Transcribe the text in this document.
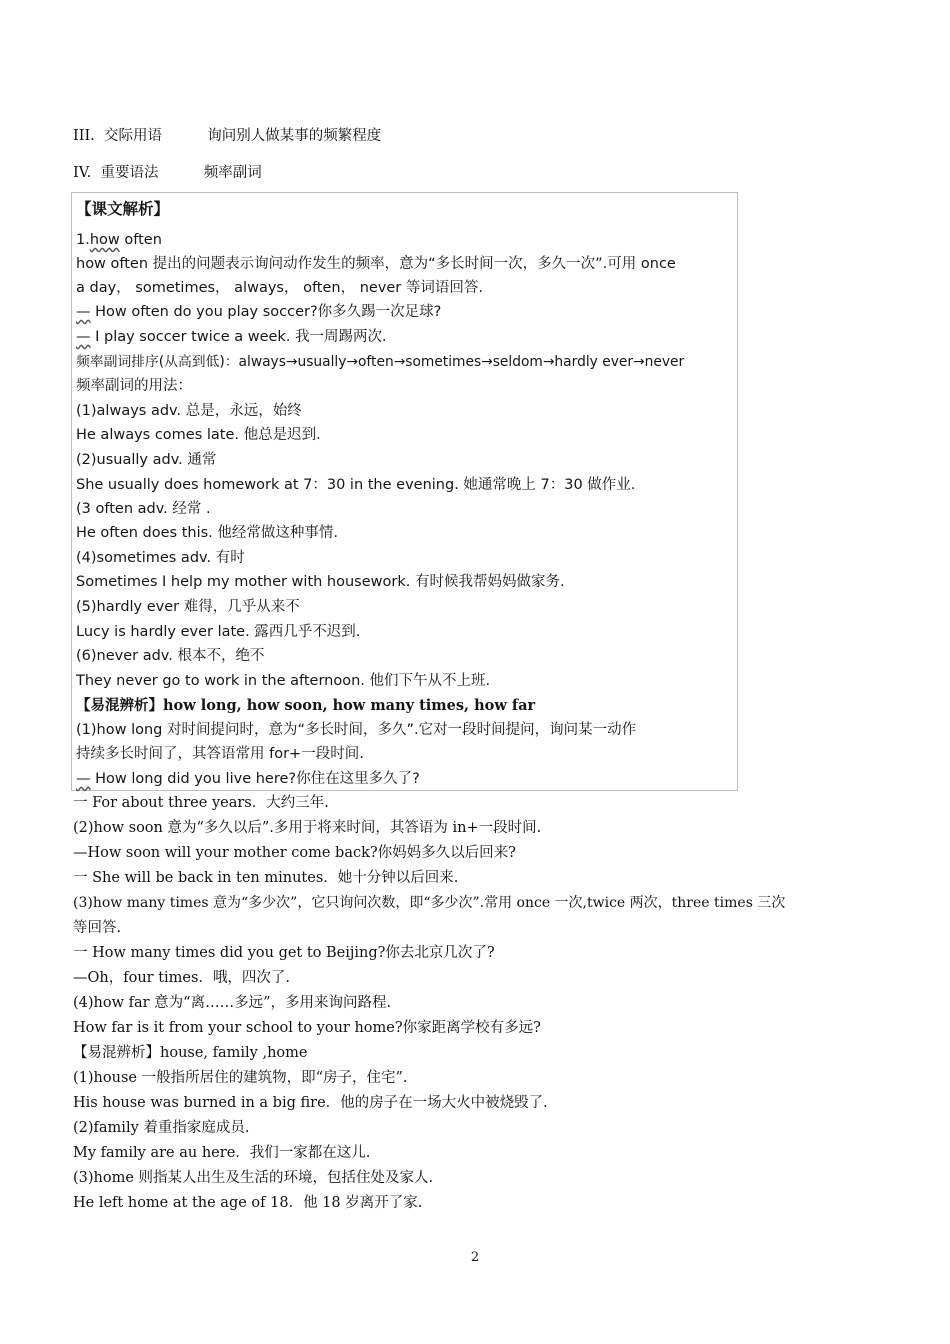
III. 交际用语	询问别人做某事的频繁程度
IV. 重要语法	频率副词
【课文解析】
1.how often
how often 提出的问题表示询问动作发生的频率，意为“多长时间一次，多久一次”.可用 once
a day， sometimes， always， often， never 等词语回答.
— How often do you play soccer?你多久踢一次足球?
— I play soccer twice a week. 我一周踢两次.
频率副词排序(从高到低)：always→usually→often→sometimes→seldom→hardly ever→never
频率副词的用法：
(1)always adv. 总是，永远，始终
He always comes late. 他总是迟到.
(2)usually adv. 通常
She usually does homework at 7：30 in the evening. 她通常晚上 7：30 做作业.
(3 often adv. 经常 .
He often does this. 他经常做这种事情.
(4)sometimes adv. 有时
Sometimes I help my mother with housework. 有时候我帮妈妈做家务.
(5)hardly ever 难得，几乎从来不
Lucy is hardly ever late. 露西几乎不迟到.
(6)never adv. 根本不，绝不
They never go to work in the afternoon. 他们下午从不上班.
【易混辨析】how long, how soon, how many times, how far
(1)how long 对时间提问时，意为“多长时间，多久”.它对一段时间提问，询问某一动作
持续多长时间了，其答语常用 for+一段时间.
— How long did you live here?你住在这里多久了?
一 For about three years．大约三年.
(2)how soon 意为“多久以后”.多用于将来时间，其答语为 in+一段时间.
—How soon will your mother come back?你妈妈多久以后回来?
一 She will be back in ten minutes．她十分钟以后回来.
(3)how many times 意为“多少次”，它只询问次数，即“多少次”.常用 once 一次,twice 两次，three times 三次
等回答.
一 How many times did you get to Beijing?你去北京几次了?
—Oh，four times．哦，四次了.
(4)how far 意为“离……多远”，多用来询问路程.
How far is it from your school to your home?你家距离学校有多远?
【易混辨析】house, family ,home
(1)house 一般指所居住的建筑物，即“房子，住宅”.
His house was burned in a big fire．他的房子在一场大火中被烧毁了.
(2)family 着重指家庭成员.
My family are au here．我们一家都在这儿.
(3)home 则指某人出生及生活的环境，包括住处及家人.
He left home at the age of 18．他 18 岁离开了家.
2
